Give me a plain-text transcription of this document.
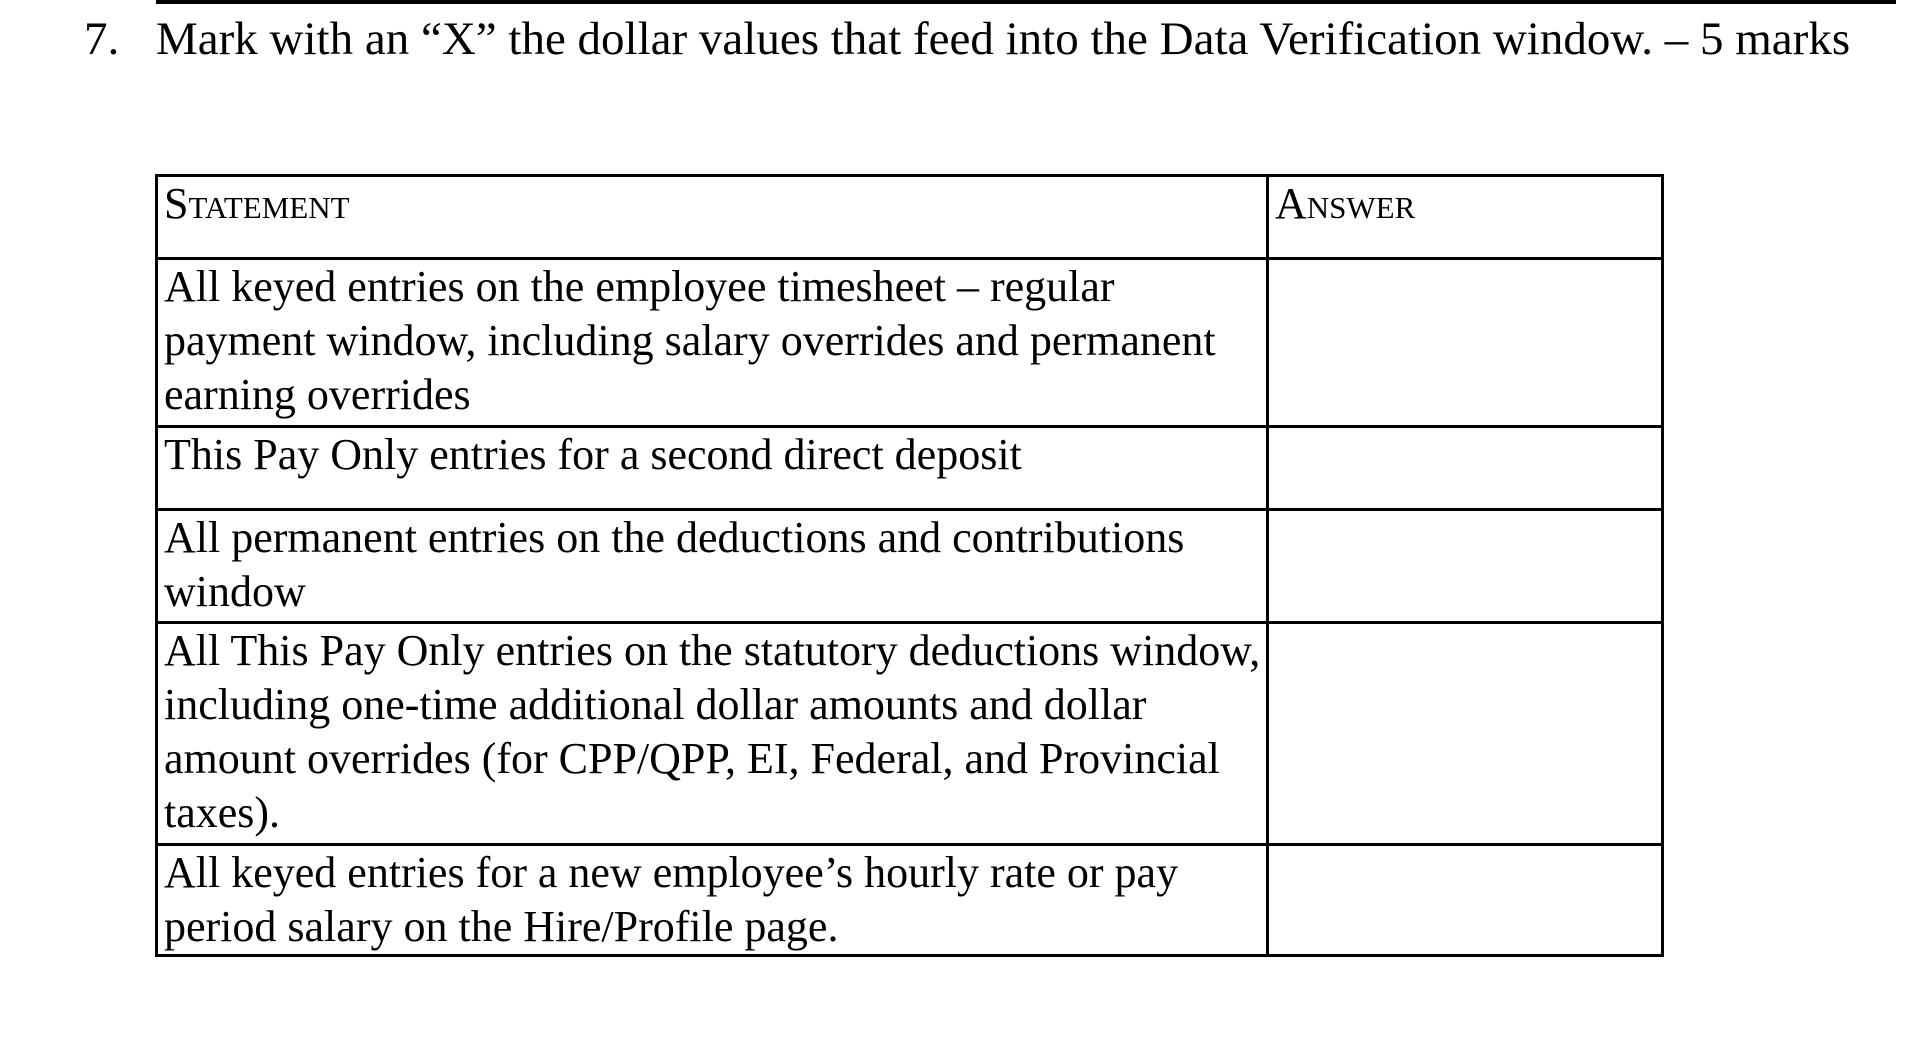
7. Mark with an “X” the dollar values that feed into the Data Verification window. – 5 marks
Statement	Answer
All keyed entries on the employee timesheet – regular payment window, including salary overrides and permanent earning overrides	
This Pay Only entries for a second direct deposit	
All permanent entries on the deductions and contributions window	
All This Pay Only entries on the statutory deductions window, including one-time additional dollar amounts and dollar amount overrides (for CPP/QPP, EI, Federal, and Provincial taxes).	
All keyed entries for a new employee’s hourly rate or pay period salary on the Hire/Profile page.	
